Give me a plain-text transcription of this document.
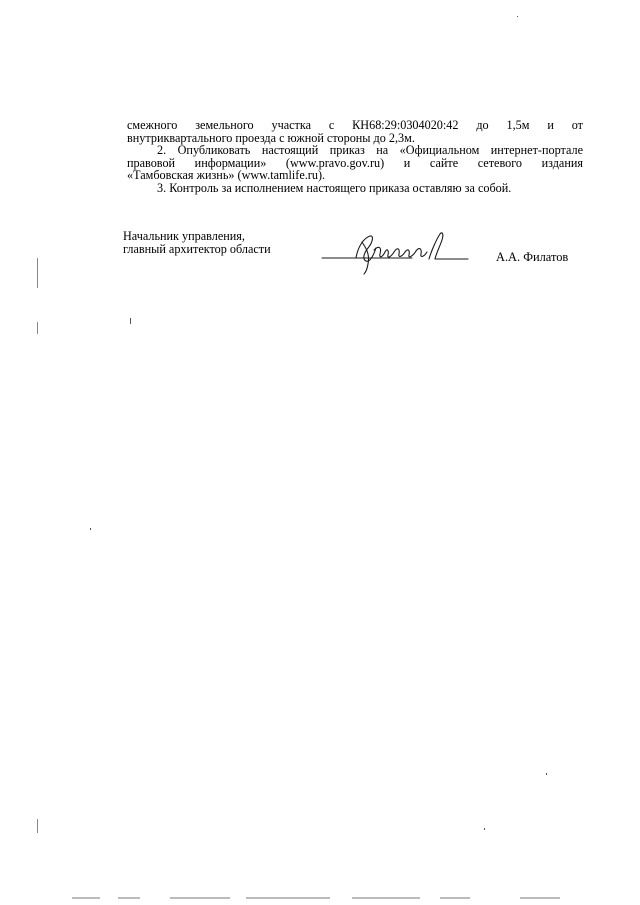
смежного земельного участка с КН68:29:0304020:42 до 1,5м и от
внутриквартального проезда с южной стороны до 2,3м.
2. Опубликовать настоящий приказ на «Официальном интернет-портале
правовой информации» (www.pravo.gov.ru) и сайте сетевого издания
«Тамбовская жизнь» (www.tamlife.ru).
3. Контроль за исполнением настоящего приказа оставляю за собой.
Начальник управления,
главный архитектор области
А.А. Филатов
